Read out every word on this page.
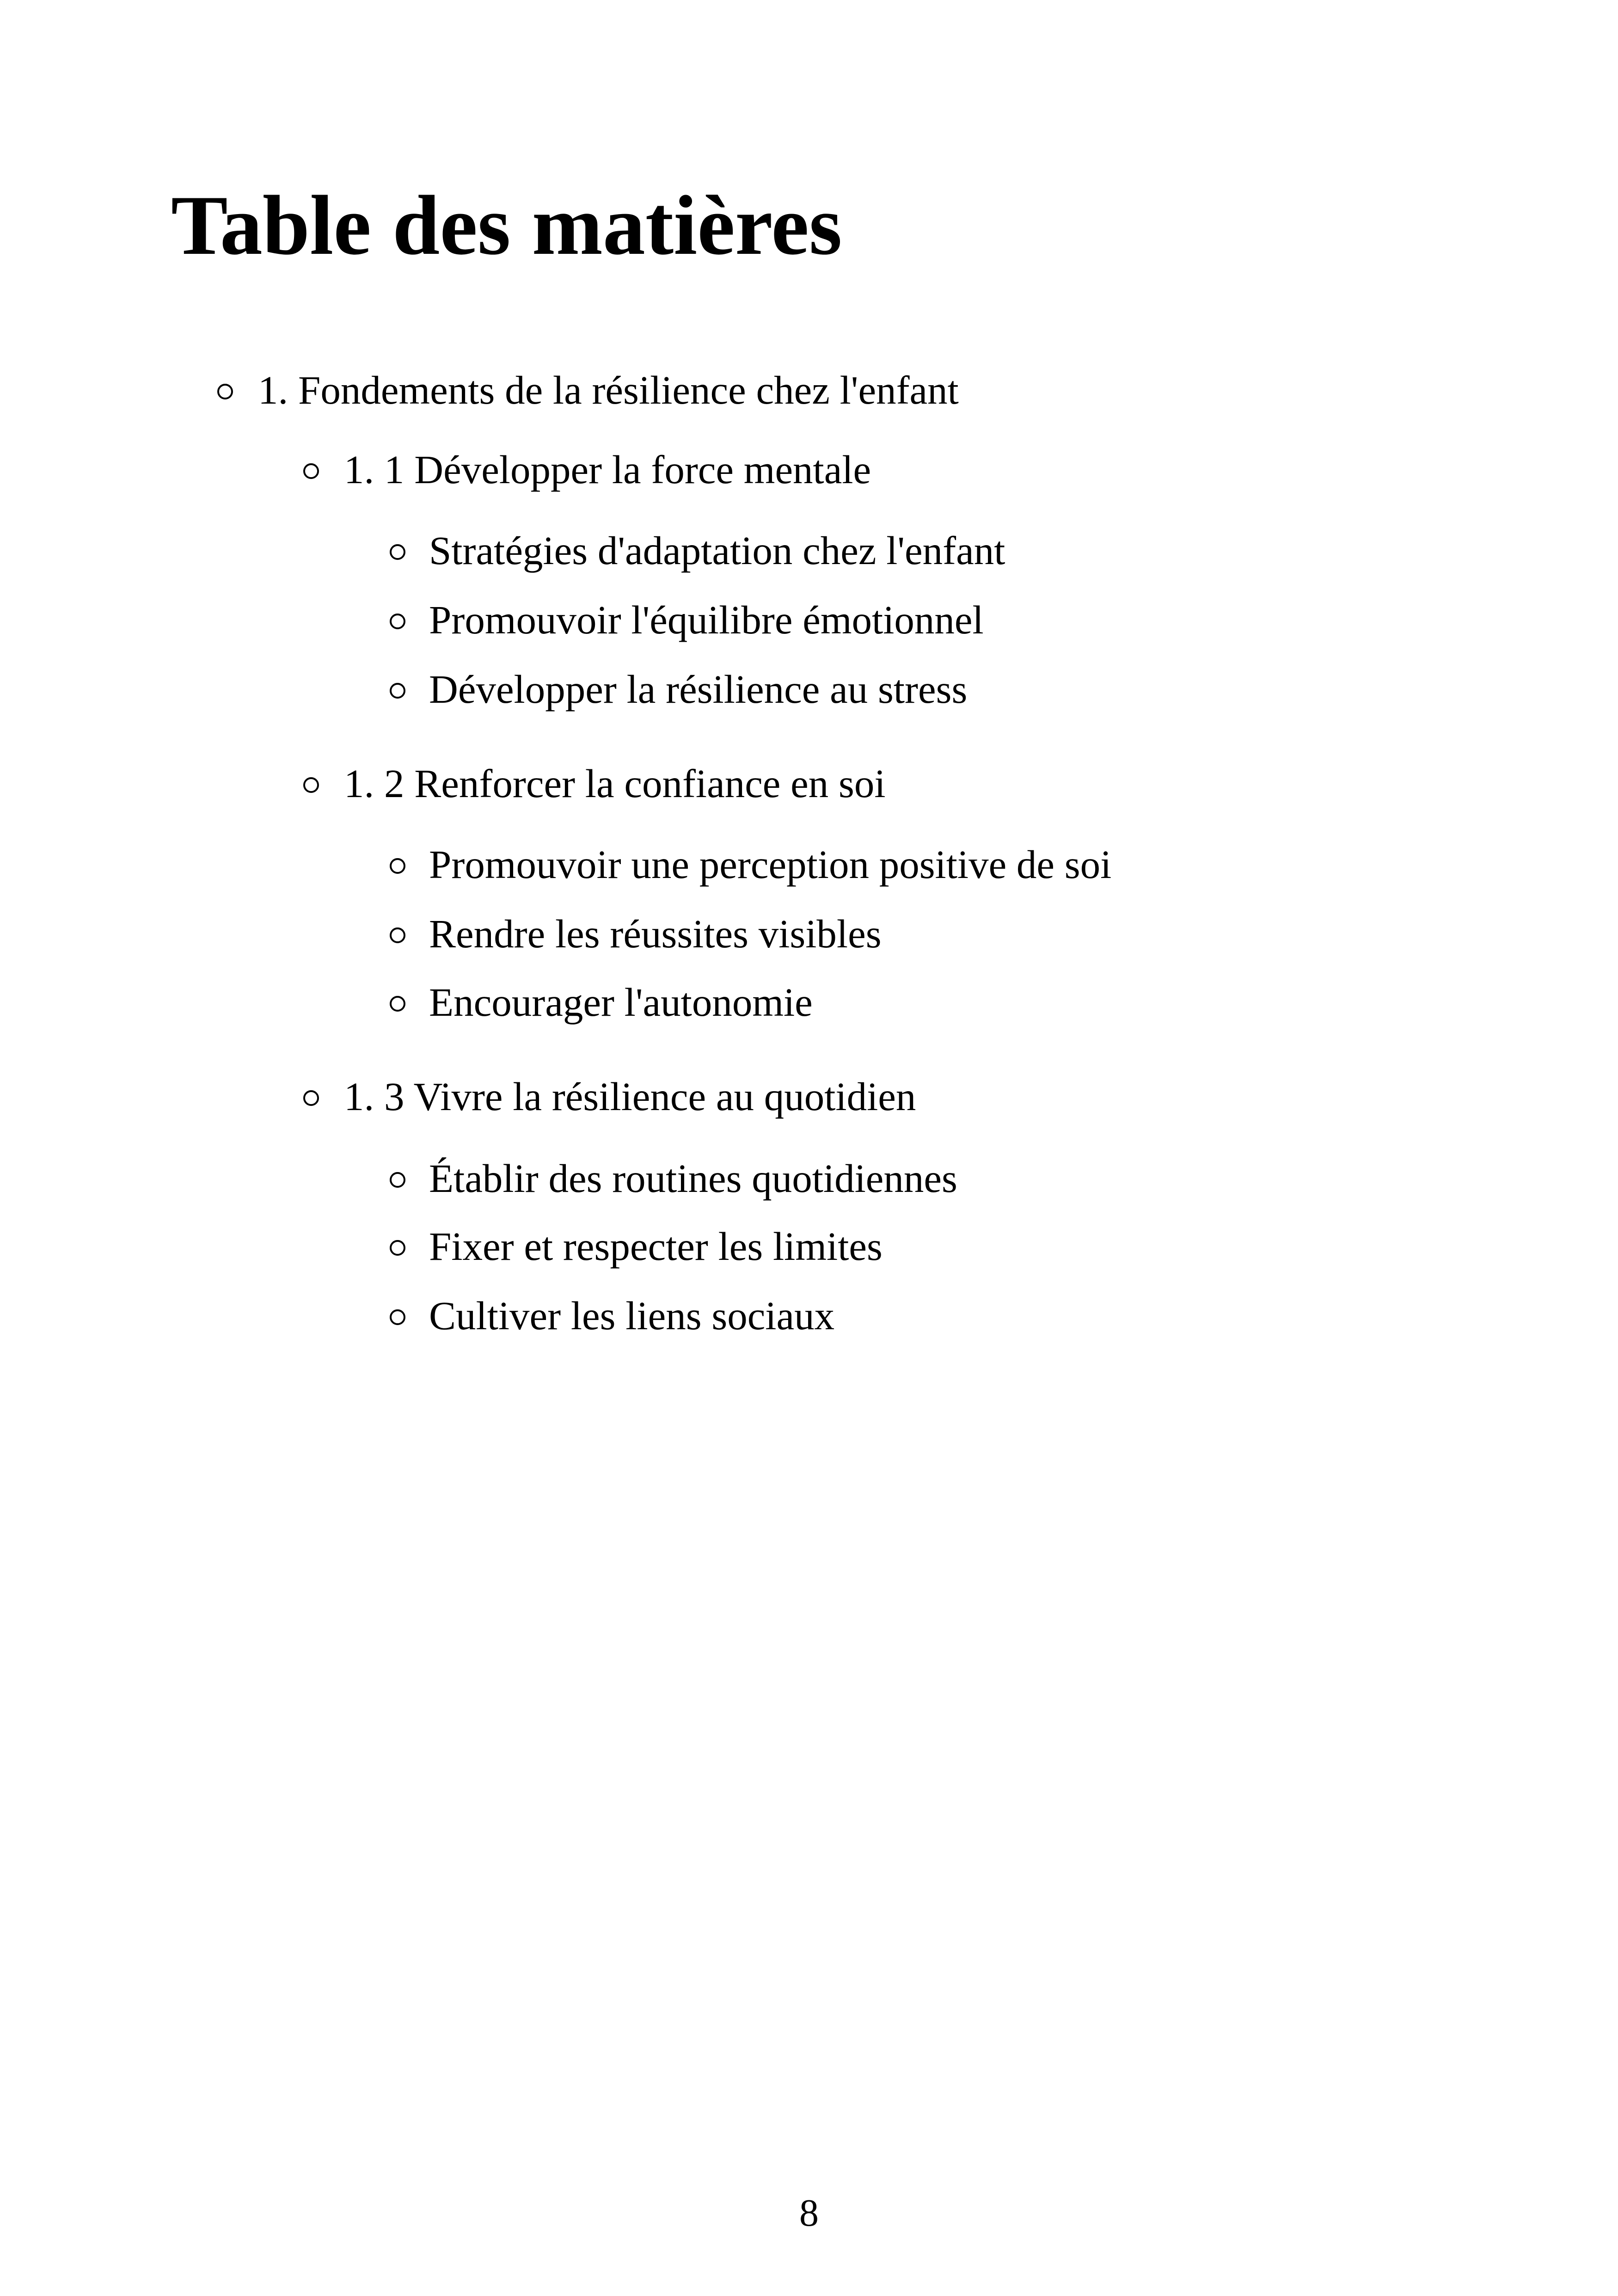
Table des matières
1. Fondements de la résilience chez l'enfant
1. 1 Développer la force mentale
Stratégies d'adaptation chez l'enfant
Promouvoir l'équilibre émotionnel
Développer la résilience au stress
1. 2 Renforcer la confiance en soi
Promouvoir une perception positive de soi
Rendre les réussites visibles
Encourager l'autonomie
1. 3 Vivre la résilience au quotidien
Établir des routines quotidiennes
Fixer et respecter les limites
Cultiver les liens sociaux
8
